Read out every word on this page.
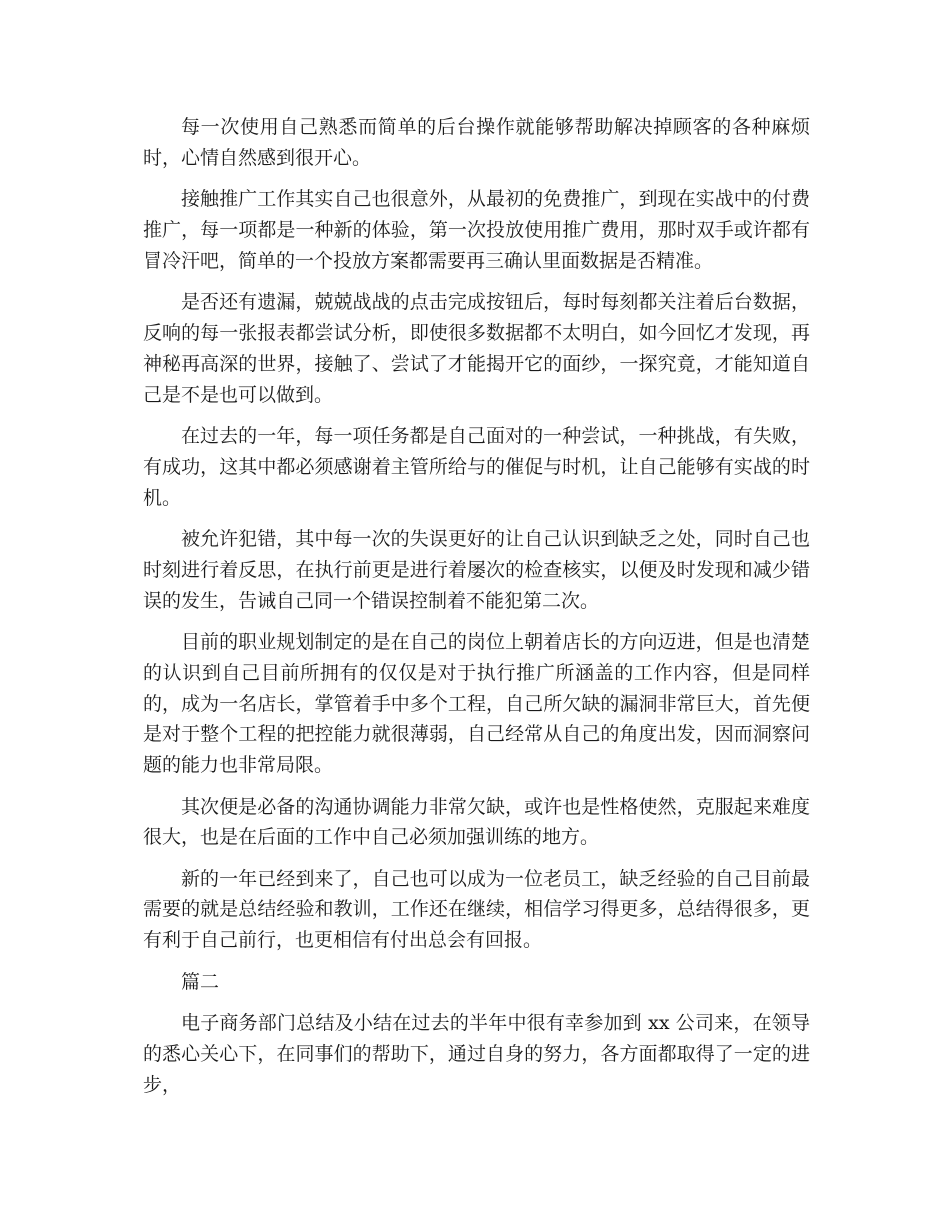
每一次使用自己熟悉而简单的后台操作就能够帮助解决掉顾客的各种麻烦时，心情自然感到很开心。

接触推广工作其实自己也很意外，从最初的免费推广，到现在实战中的付费推广，每一项都是一种新的体验，第一次投放使用推广费用，那时双手或许都有冒冷汗吧，简单的一个投放方案都需要再三确认里面数据是否精准。

是否还有遗漏，兢兢战战的点击完成按钮后，每时每刻都关注着后台数据，反响的每一张报表都尝试分析，即使很多数据都不太明白，如今回忆才发现，再神秘再高深的世界，接触了、尝试了才能揭开它的面纱，一探究竟，才能知道自己是不是也可以做到。

在过去的一年，每一项任务都是自己面对的一种尝试，一种挑战，有失败，有成功，这其中都必须感谢着主管所给与的催促与时机，让自己能够有实战的时机。

被允许犯错，其中每一次的失误更好的让自己认识到缺乏之处，同时自己也时刻进行着反思，在执行前更是进行着屡次的检查核实，以便及时发现和减少错误的发生，告诫自己同一个错误控制着不能犯第二次。

目前的职业规划制定的是在自己的岗位上朝着店长的方向迈进，但是也清楚的认识到自己目前所拥有的仅仅是对于执行推广所涵盖的工作内容，但是同样的，成为一名店长，掌管着手中多个工程，自己所欠缺的漏洞非常巨大，首先便是对于整个工程的把控能力就很薄弱，自己经常从自己的角度出发，因而洞察问题的能力也非常局限。

其次便是必备的沟通协调能力非常欠缺，或许也是性格使然，克服起来难度很大，也是在后面的工作中自己必须加强训练的地方。

新的一年已经到来了，自己也可以成为一位老员工，缺乏经验的自己目前最需要的就是总结经验和教训，工作还在继续，相信学习得更多，总结得很多，更有利于自己前行，也更相信有付出总会有回报。

篇二

电子商务部门总结及小结在过去的半年中很有幸参加到 xx 公司来，在领导的悉心关心下，在同事们的帮助下，通过自身的努力，各方面都取得了一定的进步，
